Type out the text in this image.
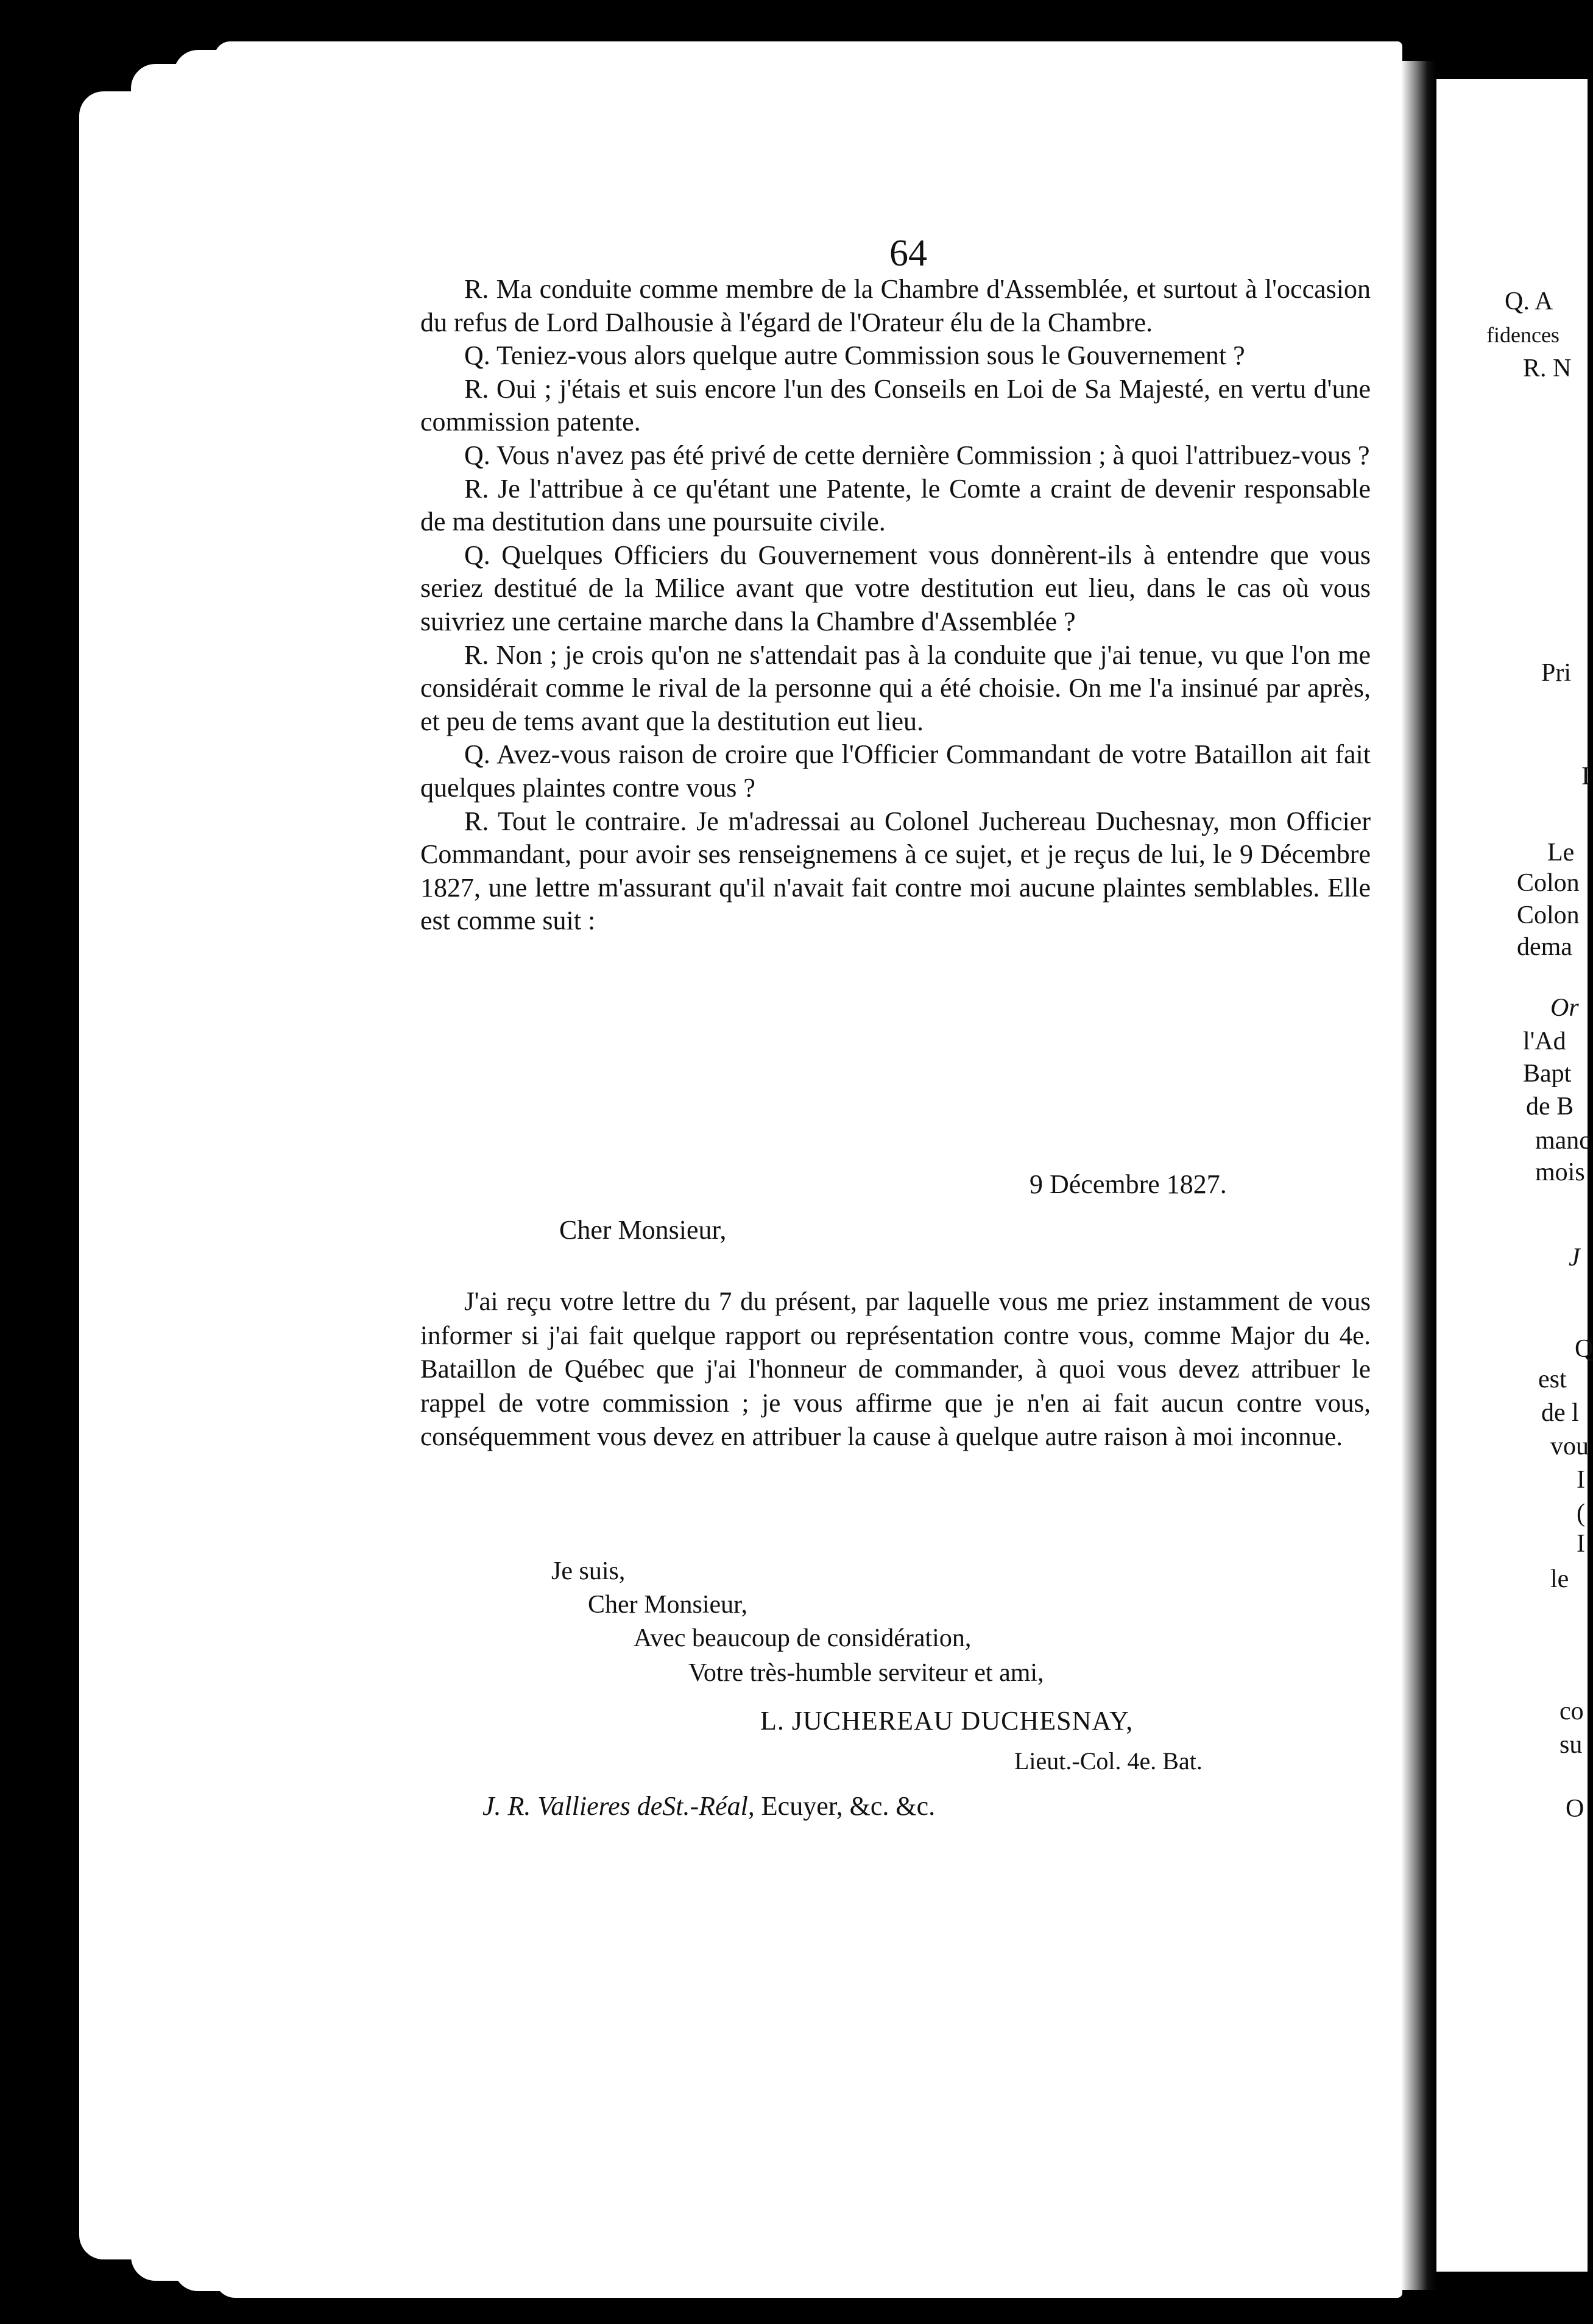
64

R. Ma conduite comme membre de la Chambre d'Assemblée, et surtout à l'occasion du refus de Lord Dalhousie à l'égard de l'Orateur élu de la Chambre.

Q. Teniez-vous alors quelque autre Commission sous le Gouvernement ?

R. Oui ; j'étais et suis encore l'un des Conseils en Loi de Sa Majesté, en vertu d'une commission patente.

Q. Vous n'avez pas été privé de cette dernière Commission ; à quoi l'attribuez-vous ?

R. Je l'attribue à ce qu'étant une Patente, le Comte a craint de devenir responsable de ma destitution dans une poursuite civile.

Q. Quelques Officiers du Gouvernement vous donnèrent-ils à entendre que vous seriez destitué de la Milice avant que votre destitution eut lieu, dans le cas où vous suivriez une certaine marche dans la Chambre d'Assemblée ?

R. Non ; je crois qu'on ne s'attendait pas à la conduite que j'ai tenue, vu que l'on me considérait comme le rival de la personne qui a été choisie. On me l'a insinué par après, et peu de tems avant que la destitution eut lieu.

Q. Avez-vous raison de croire que l'Officier Commandant de votre Bataillon ait fait quelques plaintes contre vous ?

R. Tout le contraire. Je m'adressai au Colonel Juchereau Duchesnay, mon Officier Commandant, pour avoir ses renseignemens à ce sujet, et je reçus de lui, le 9 Décembre 1827, une lettre m'assurant qu'il n'avait fait contre moi aucune plaintes semblables. Elle est comme suit :

9 Décembre 1827.
Cher Monsieur,
J'ai reçu votre lettre du 7 du présent, par laquelle vous me priez instamment de vous informer si j'ai fait quelque rapport ou représentation contre vous, comme Major du 4e. Bataillon de Québec que j'ai l'honneur de commander, à quoi vous devez attribuer le rappel de votre commission ; je vous affirme que je n'en ai fait aucun contre vous, conséquemment vous devez en attribuer la cause à quelque autre raison à moi inconnue.
Je suis,
Cher Monsieur,
Avec beaucoup de considération,
Votre très-humble serviteur et ami,
L. JUCHEREAU DUCHESNAY,
Lieut.-Col. 4e. Bat.
J. R. Vallieres deSt.-Réal, Ecuyer, &c. &c.
Q. A
fidences
R. N
Pri
I
Le
Colon
Colon
dema
Or
l'Ad
Bapt
de B
manc
mois
J
Q
est
de l
vou
I
(
I
le
co
su
O
